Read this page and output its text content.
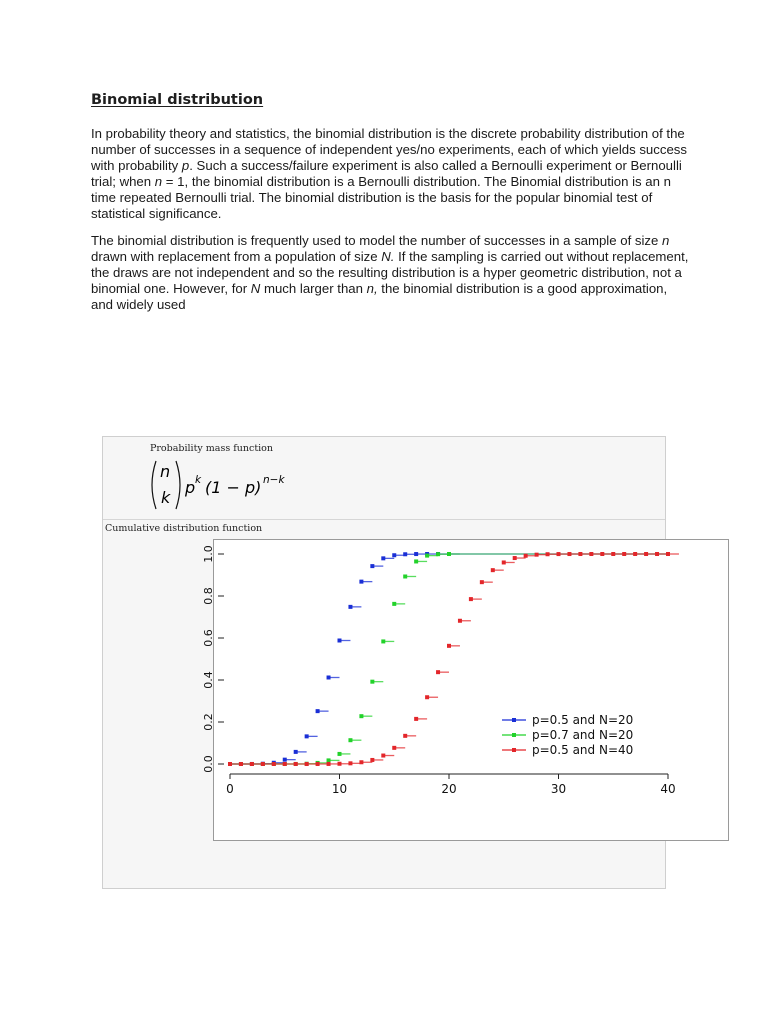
Binomial distribution

In probability theory and statistics, the binomial distribution is the discrete probability distribution of the number of successes in a sequence of independent yes/no experiments, each of which yields success with probability p. Such a success/failure experiment is also called a Bernoulli experiment or Bernoulli trial; when n = 1, the binomial distribution is a Bernoulli distribution. The Binomial distribution is an n time repeated Bernoulli trial. The binomial distribution is the basis for the popular binomial test of statistical significance.

The binomial distribution is frequently used to model the number of successes in a sample of size n drawn with replacement from a population of size N. If the sampling is carried out without replacement, the draws are not independent and so the resulting distribution is a hyper geometric distribution, not a binomial one. However, for N much larger than n, the binomial distribution is a good approximation, and widely used

Probability mass function

n
k
p k (1 − p) n−k

Cumulative distribution function

0.0
0.2
0.4
0.6
0.8
1.0
0	10	20	30	40
p=0.5 and N=20
p=0.7 and N=20
p=0.5 and N=40
